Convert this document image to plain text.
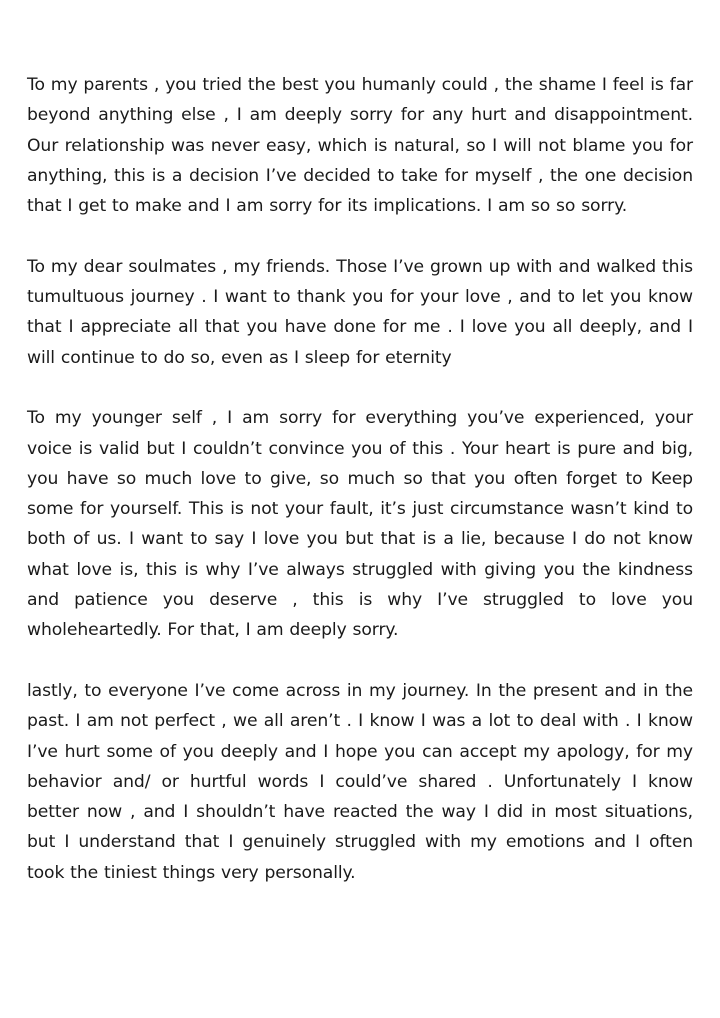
To my parents , you tried the best you humanly could , the shame I feel is far beyond anything else , I am deeply sorry for any hurt and disappointment. Our relationship was never easy, which is natural, so I will not blame you for anything, this is a decision I’ve decided to take for myself , the one decision that I get to make and I am sorry for its implications. I am so so sorry.

To my dear soulmates , my friends. Those I’ve grown up with and walked this tumultuous journey . I want to thank you for your love , and to let you know that I appreciate all that you have done for me . I love you all deeply, and I will continue to do so, even as I sleep for eternity

To my younger self , I am sorry for everything you’ve experienced, your voice is valid but I couldn’t convince you of this . Your heart is pure and big, you have so much love to give, so much so that you often forget to Keep some for yourself. This is not your fault, it’s just circumstance wasn’t kind to both of us. I want to say I love you but that is a lie, because I do not know what love is, this is why I’ve always struggled with giving you the kindness and patience you deserve , this is why I’ve struggled to love you wholeheartedly. For that, I am deeply sorry.

lastly, to everyone I’ve come across in my journey. In the present and in the past. I am not perfect , we all aren’t . I know I was a lot to deal with . I know I’ve hurt some of you deeply and I hope you can accept my apology, for my behavior and/ or hurtful words I could’ve shared . Unfortunately I know better now , and I shouldn’t have reacted the way I did in most situations, but I understand that I genuinely struggled with my emotions and I often took the tiniest things very personally.
